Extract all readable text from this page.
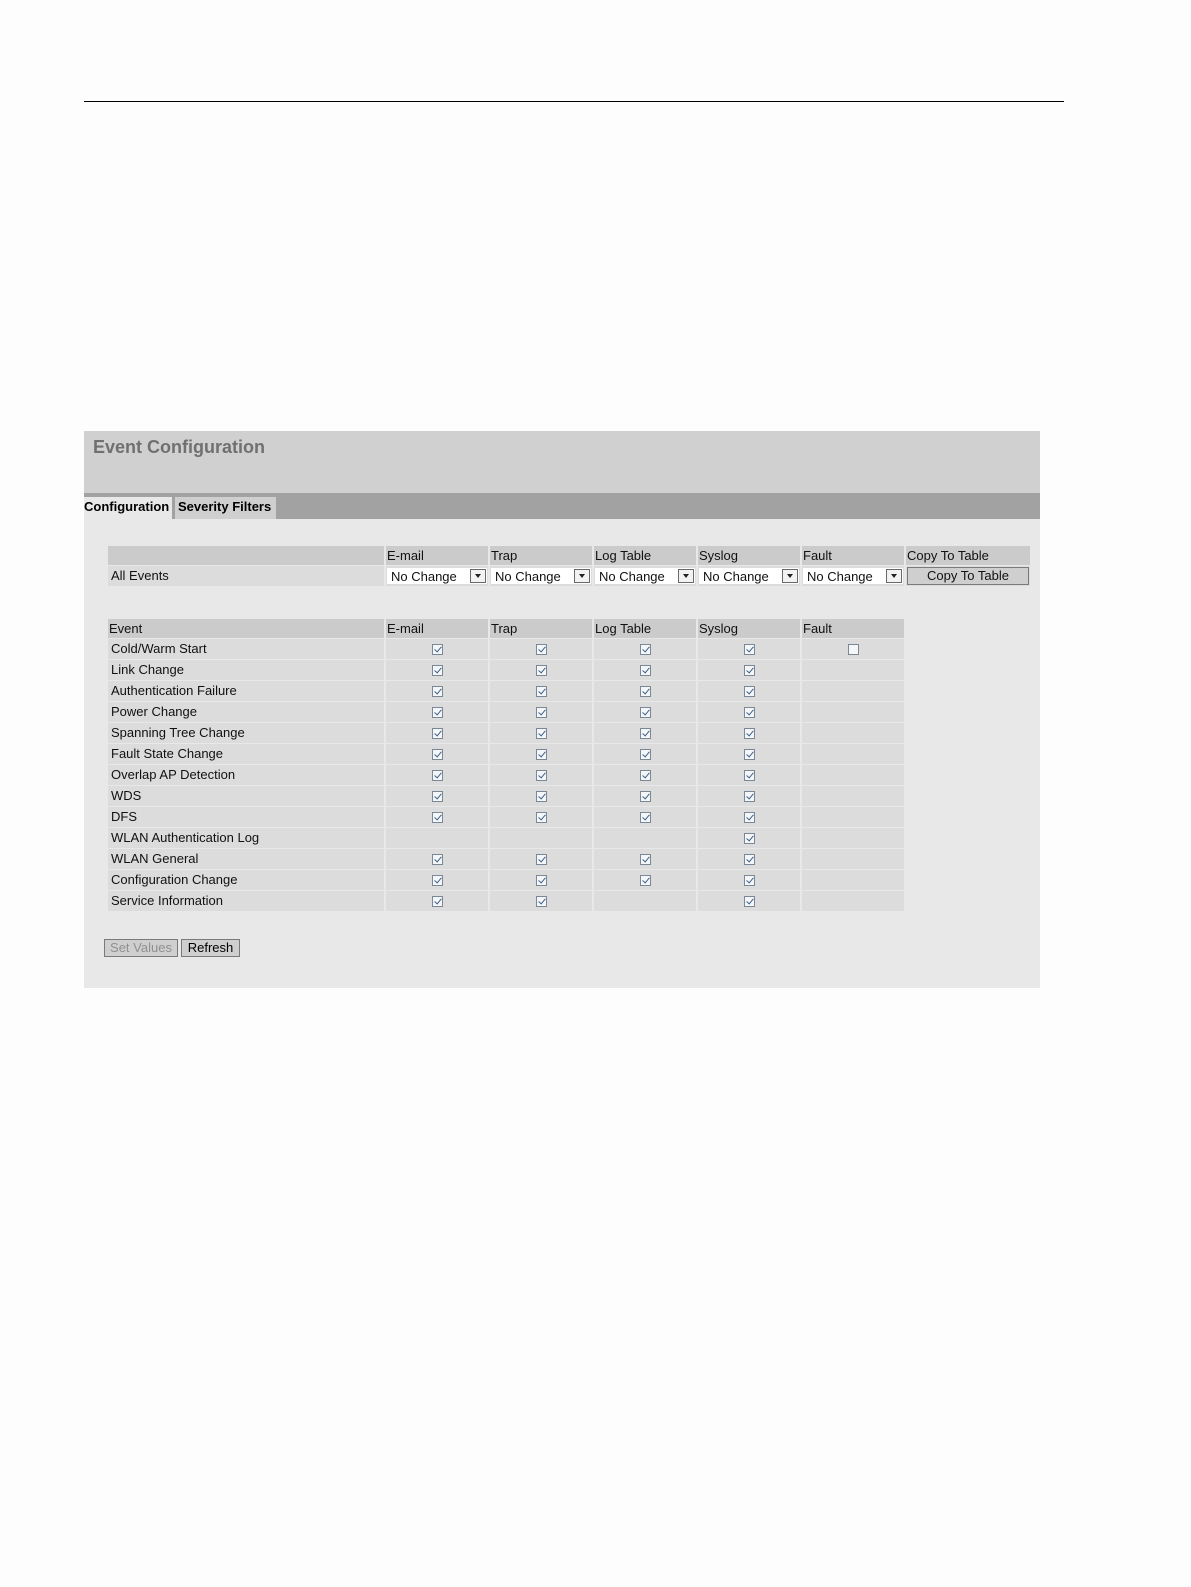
Event Configuration
Configuration Severity Filters
	E-mail	Trap	Log Table	Syslog	Fault	Copy To Table
All Events	No Change	No Change	No Change	No Change	No Change	Copy To Table
Event	E-mail	Trap	Log Table	Syslog	Fault
Cold/Warm Start					
Link Change					
Authentication Failure					
Power Change					
Spanning Tree Change					
Fault State Change					
Overlap AP Detection					
WDS					
DFS					
WLAN Authentication Log					
WLAN General					
Configuration Change					
Service Information					
Set Values	Refresh
